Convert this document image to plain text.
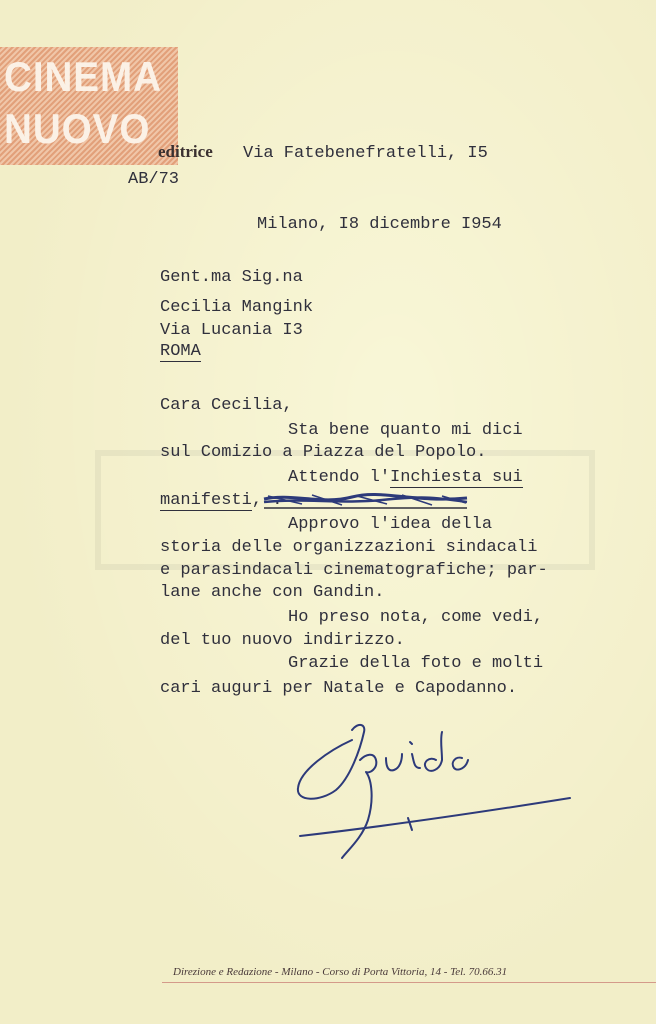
CINEMA
NUOVO editrice Via Fatebenefratelli, I5
AB/73
Milano, I8 dicembre I954
Gent.ma Sig.na
Cecilia Mangink
Via Lucania I3
ROMA
Cara Cecilia,
Sta bene quanto mi dici
sul Comizio a Piazza del Popolo.
Attendo l'Inchiesta sui
manifesti, .
Approvo l'idea della
storia delle organizzazioni sindacali
e parasindacali cinematografiche; par-
lane anche con Gandin.
Ho preso nota, come vedi,
del tuo nuovo indirizzo.
Grazie della foto e molti
cari auguri per Natale e Capodanno.
Direzione e Redazione - Milano - Corso di Porta Vittoria, 14 - Tel. 70.66.31
